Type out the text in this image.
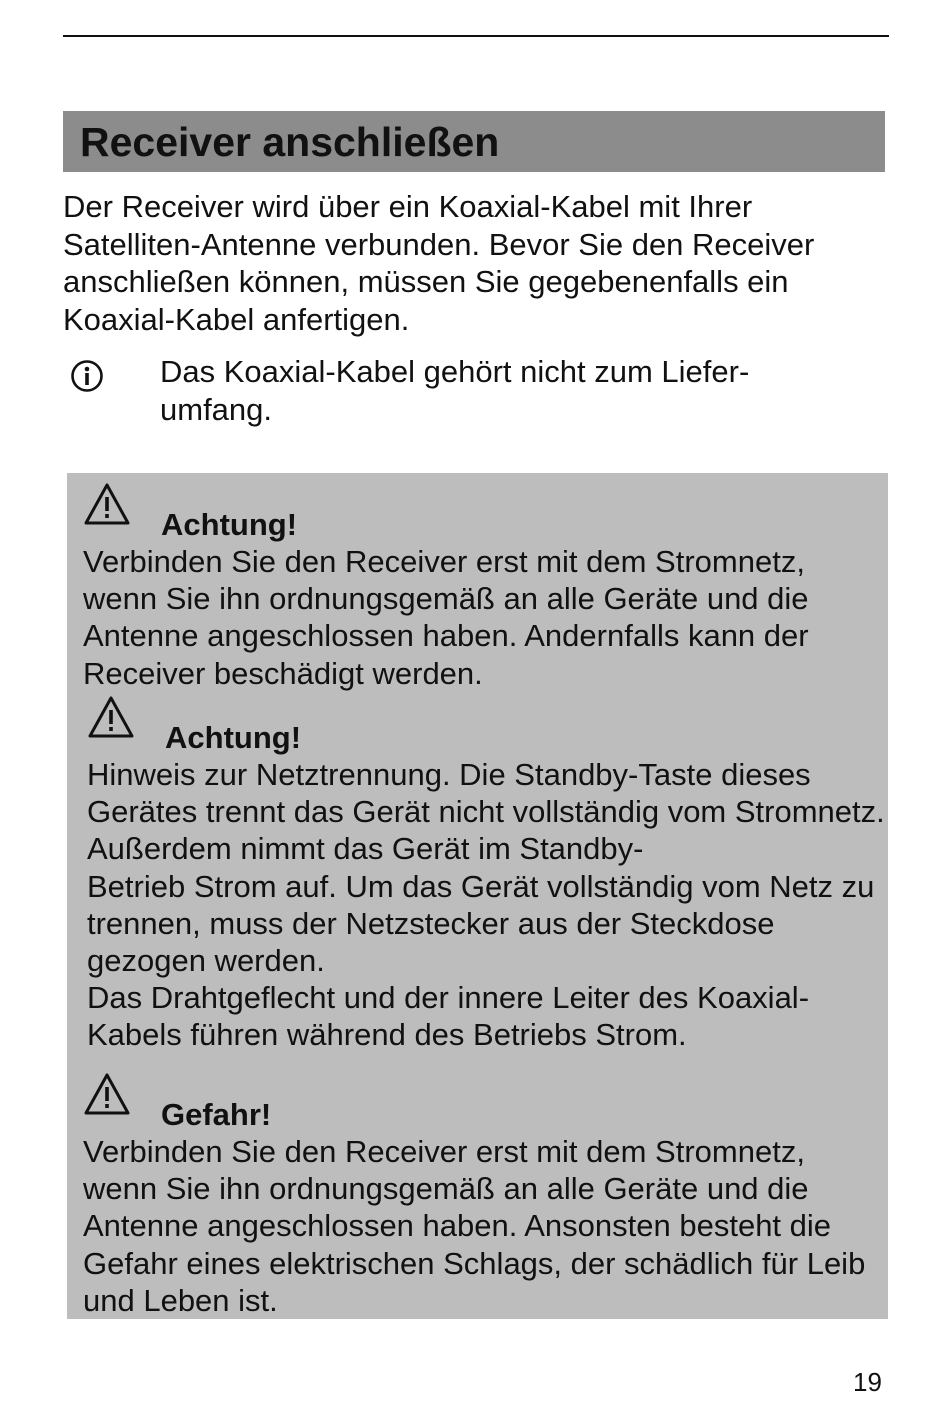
Receiver anschließen

Der Receiver wird über ein Koaxial-Kabel mit Ihrer Satelliten-Antenne verbunden. Bevor Sie den Receiver anschließen können, müssen Sie gegebenenfalls ein Koaxial-Kabel anfertigen.

Das Koaxial-Kabel gehört nicht zum Liefer-
umfang.

Achtung!

Verbinden Sie den Receiver erst mit dem Stromnetz, wenn Sie ihn ordnungsgemäß an alle Geräte und die Antenne angeschlossen haben. Andernfalls kann der Receiver beschädigt werden.

Achtung!

Hinweis zur Netztrennung. Die Standby-Taste dieses Gerätes trennt das Gerät nicht vollständig vom Stromnetz. Außerdem nimmt das Gerät im Standby-
Betrieb Strom auf. Um das Gerät vollständig vom Netz zu trennen, muss der Netzstecker aus der Steckdose gezogen werden.
Das Drahtgeflecht und der innere Leiter des Koaxial-
Kabels führen während des Betriebs Strom.

Gefahr!

Verbinden Sie den Receiver erst mit dem Stromnetz, wenn Sie ihn ordnungsgemäß an alle Geräte und die Antenne angeschlossen haben. Ansonsten besteht die Gefahr eines elektrischen Schlags, der schädlich für Leib und Leben ist.

19
